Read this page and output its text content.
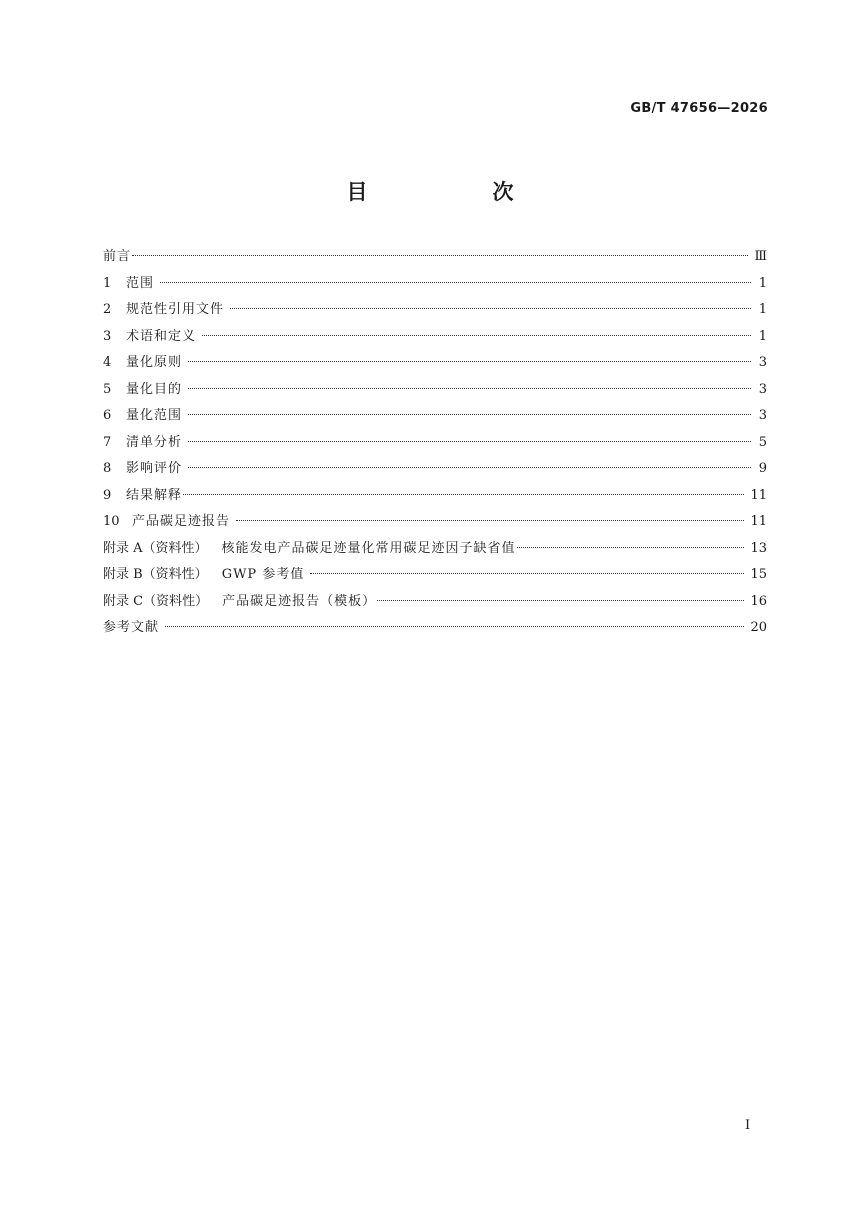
GB/T 47656—2026
目　次
前言	Ⅲ
1	范围	1
2	规范性引用文件	1
3	术语和定义	1
4	量化原则	3
5	量化目的	3
6	量化范围	3
7	清单分析	5
8	影响评价	9
9	结果解释	11
10 产品碳足迹报告	11
附录 A（资料性） 核能发电产品碳足迹量化常用碳足迹因子缺省值	13
附录 B（资料性） GWP 参考值	15
附录 C（资料性） 产品碳足迹报告（模板）	16
参考文献	20
I
